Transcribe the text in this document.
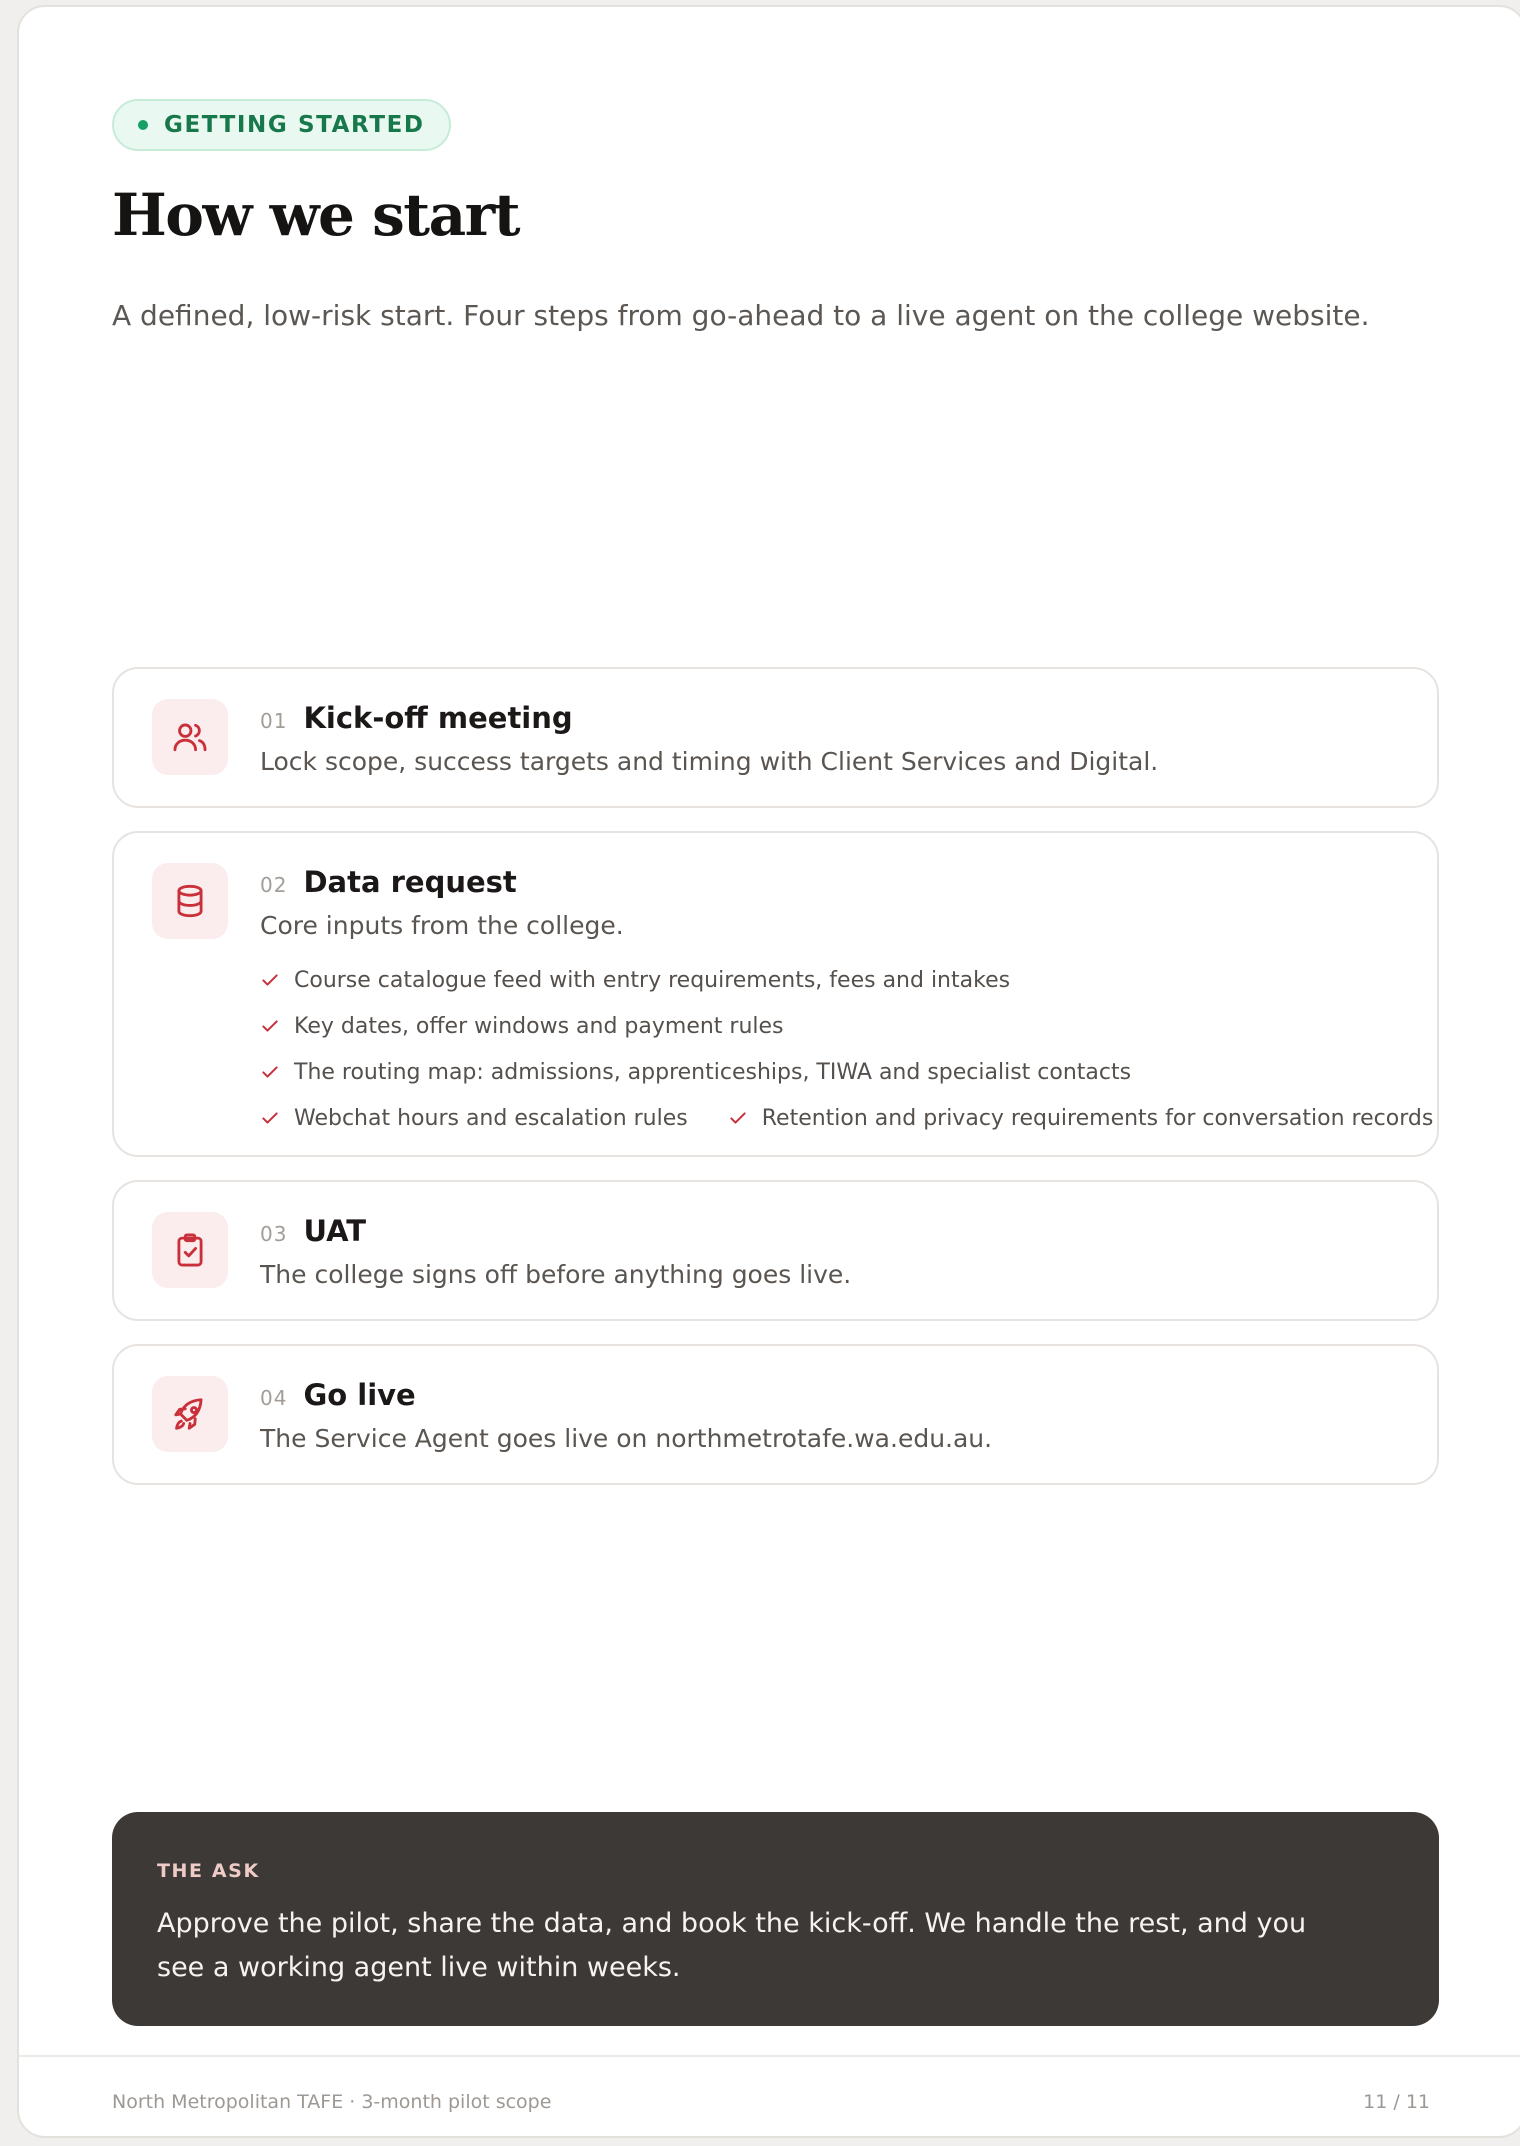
GETTING STARTED
How we start

A defined, low-risk start. Four steps from go-ahead to a live agent on the college website.

01 Kick-off meeting
Lock scope, success targets and timing with Client Services and Digital.
02 Data request
Core inputs from the college.
Course catalogue feed with entry requirements, fees and intakes
Key dates, offer windows and payment rules
The routing map: admissions, apprenticeships, TIWA and specialist contacts
Webchat hours and escalation rules	Retention and privacy requirements for conversation records
03 UAT
The college signs off before anything goes live.
04 Go live
The Service Agent goes live on northmetrotafe.wa.edu.au.
THE ASK
Approve the pilot, share the data, and book the kick-off. We handle the rest, and you see a working agent live within weeks.
North Metropolitan TAFE · 3-month pilot scope	11 / 11
